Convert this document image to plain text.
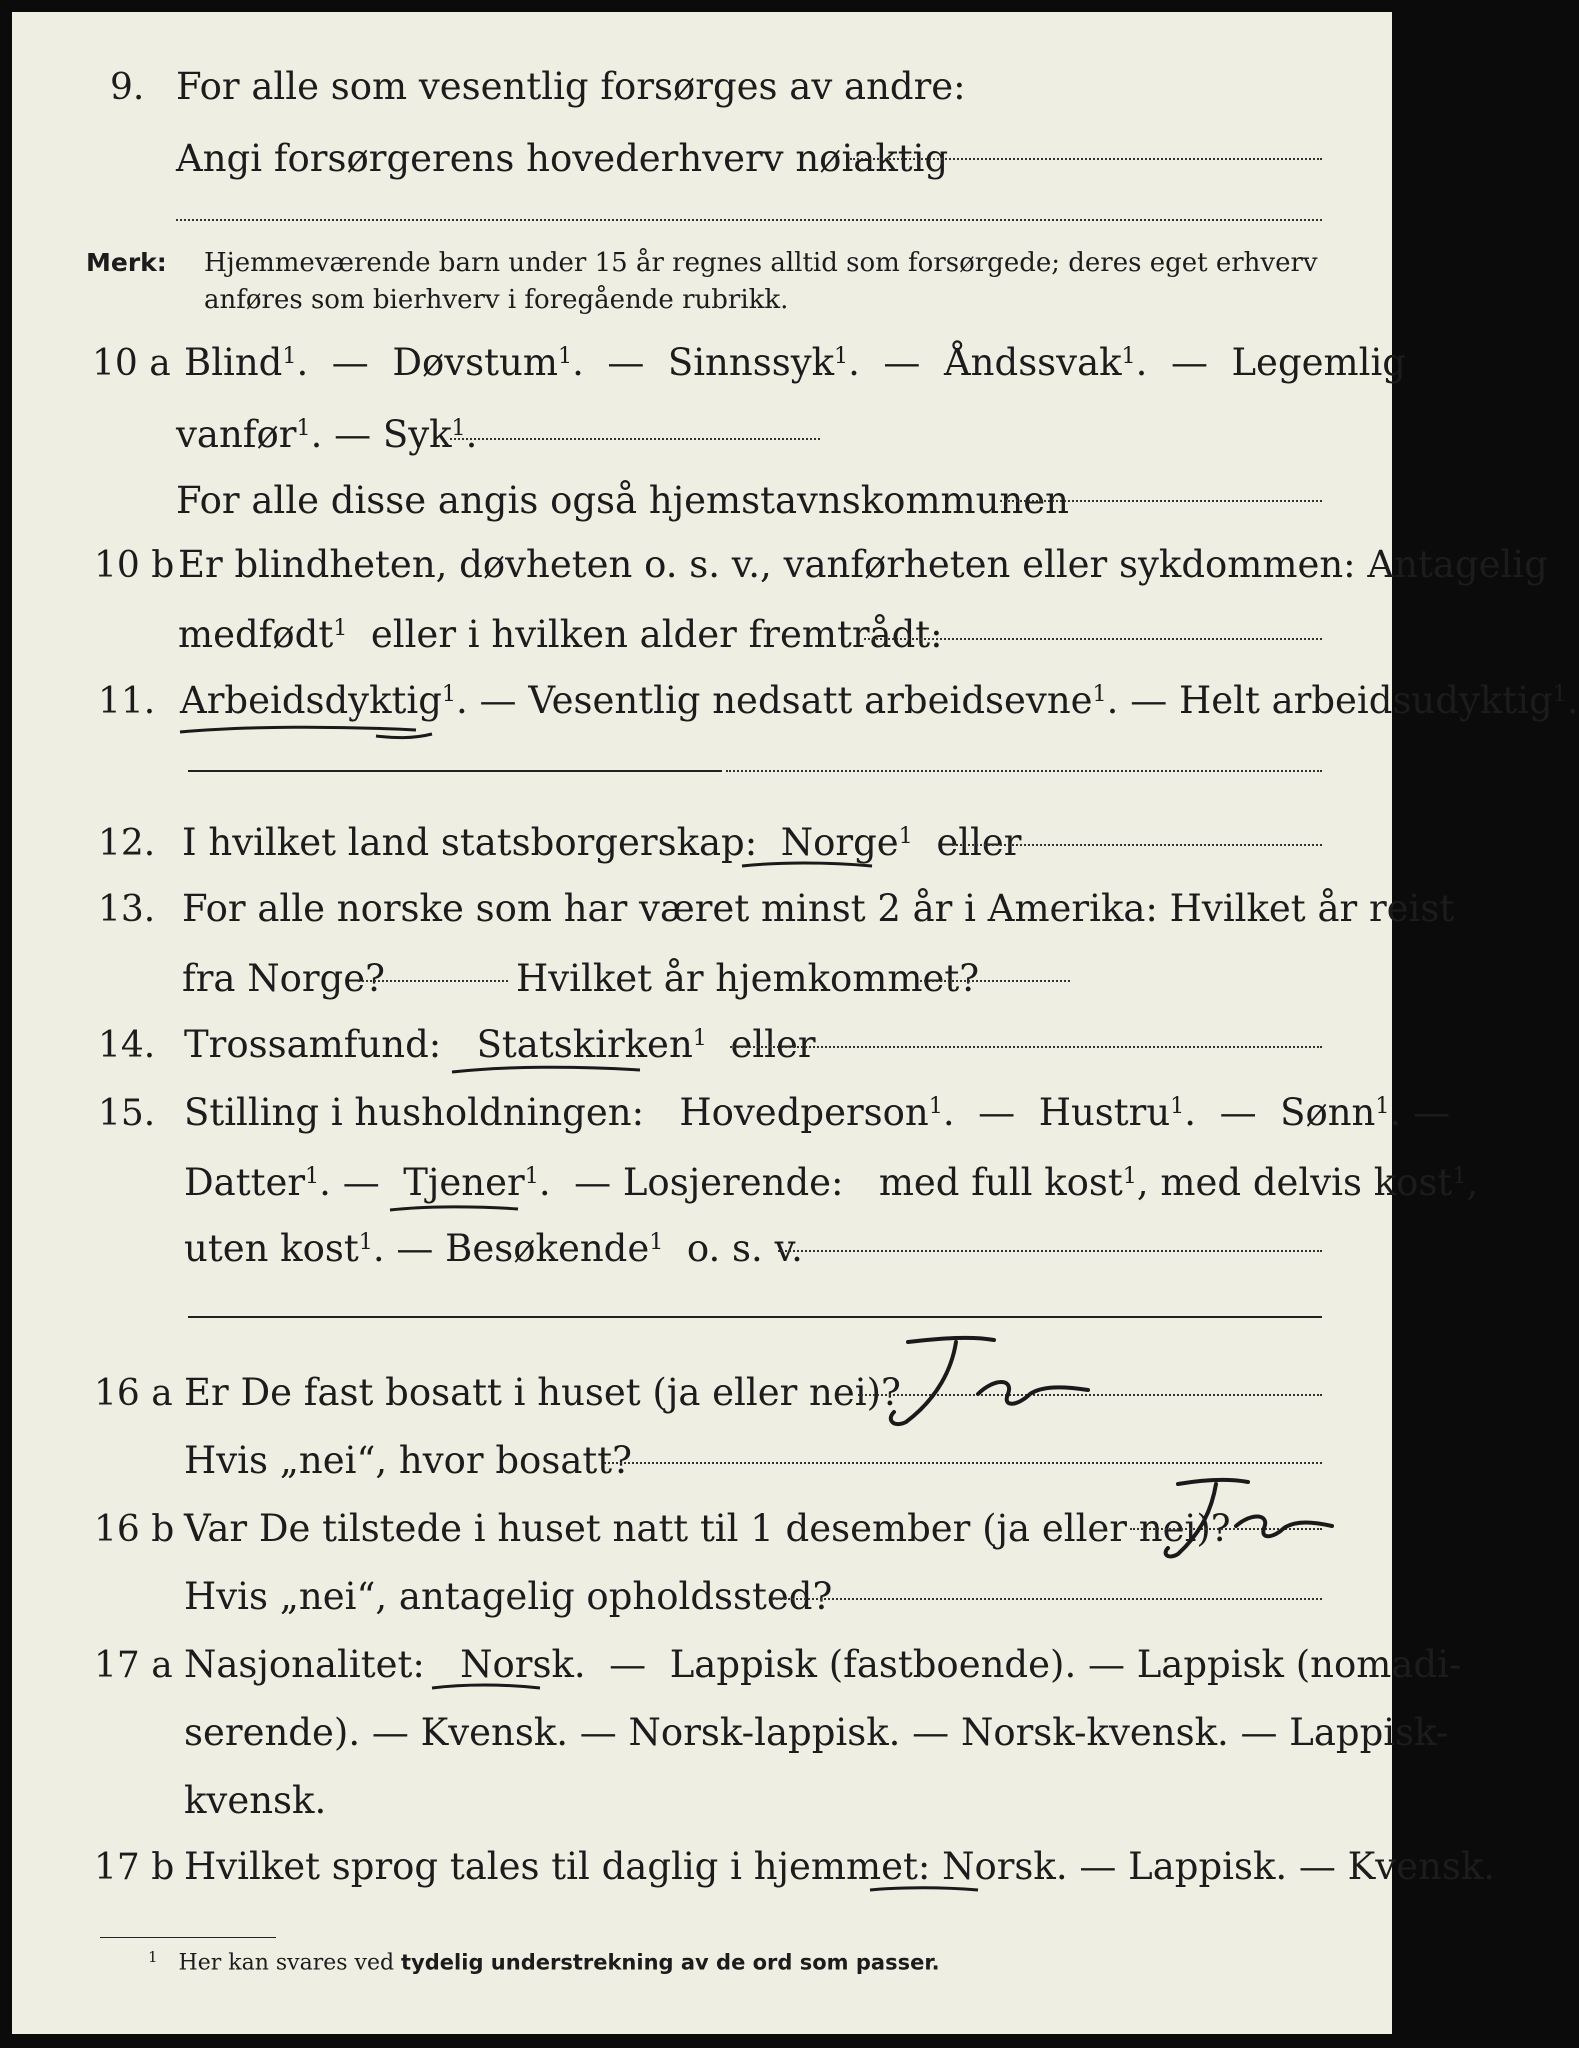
9. For alle som vesentlig forsørges av andre:
Angi forsørgerens hovederhverv nøiaktig
Merk: Hjemmeværende barn under 15 år regnes alltid som forsørgede; deres eget erhverv
anføres som bierhverv i foregående rubrikk.
10 a Blind$^1$.  —  Døvstum$^1$.  —  Sinnssyk$^1$.  —  Åndssvak$^1$.  —  Legemlig
vanfør$^1$. — Syk$^1$.
For alle disse angis også hjemstavnskommunen
10 b Er blindheten, døvheten o. s. v., vanførheten eller sykdommen: Antagelig
medfødt$^1$ eller i hvilken alder fremtrådt:
11. Arbeidsdyktig$^1$. — Vesentlig nedsatt arbeidsevne$^1$. — Helt arbeidsudyktig$^1$.
12. I hvilket land statsborgerskap: Norge$^1$ eller
13. For alle norske som har været minst 2 år i Amerika: Hvilket år reist
fra Norge?	Hvilket år hjemkommet?
14. Trossamfund: Statskirken$^1$ eller
15. Stilling i husholdningen: Hovedperson$^1$.  —  Hustru$^1$.  —  Sønn$^1$. —
Datter$^1$. —  Tjener$^1$.  — Losjerende: med full kost$^1$, med delvis kost$^1$,
uten kost$^1$. — Besøkende$^1$ o. s. v.
16 a Er De fast bosatt i huset (ja eller nei)?
Hvis „nei“, hvor bosatt?
16 b Var De tilstede i huset natt til 1 desember (ja eller nei)?
Hvis „nei“, antagelig opholdssted?
17 a Nasjonalitet: Norsk.  —  Lappisk (fastboende). — Lappisk (nomadi-
serende). — Kvensk. — Norsk-lappisk. — Norsk-kvensk. — Lappisk-
kvensk.
17 b Hvilket sprog tales til daglig i hjemmet: Norsk. — Lappisk. — Kvensk.
$^1$ Her kan svares ved tydelig understrekning av de ord som passer.
